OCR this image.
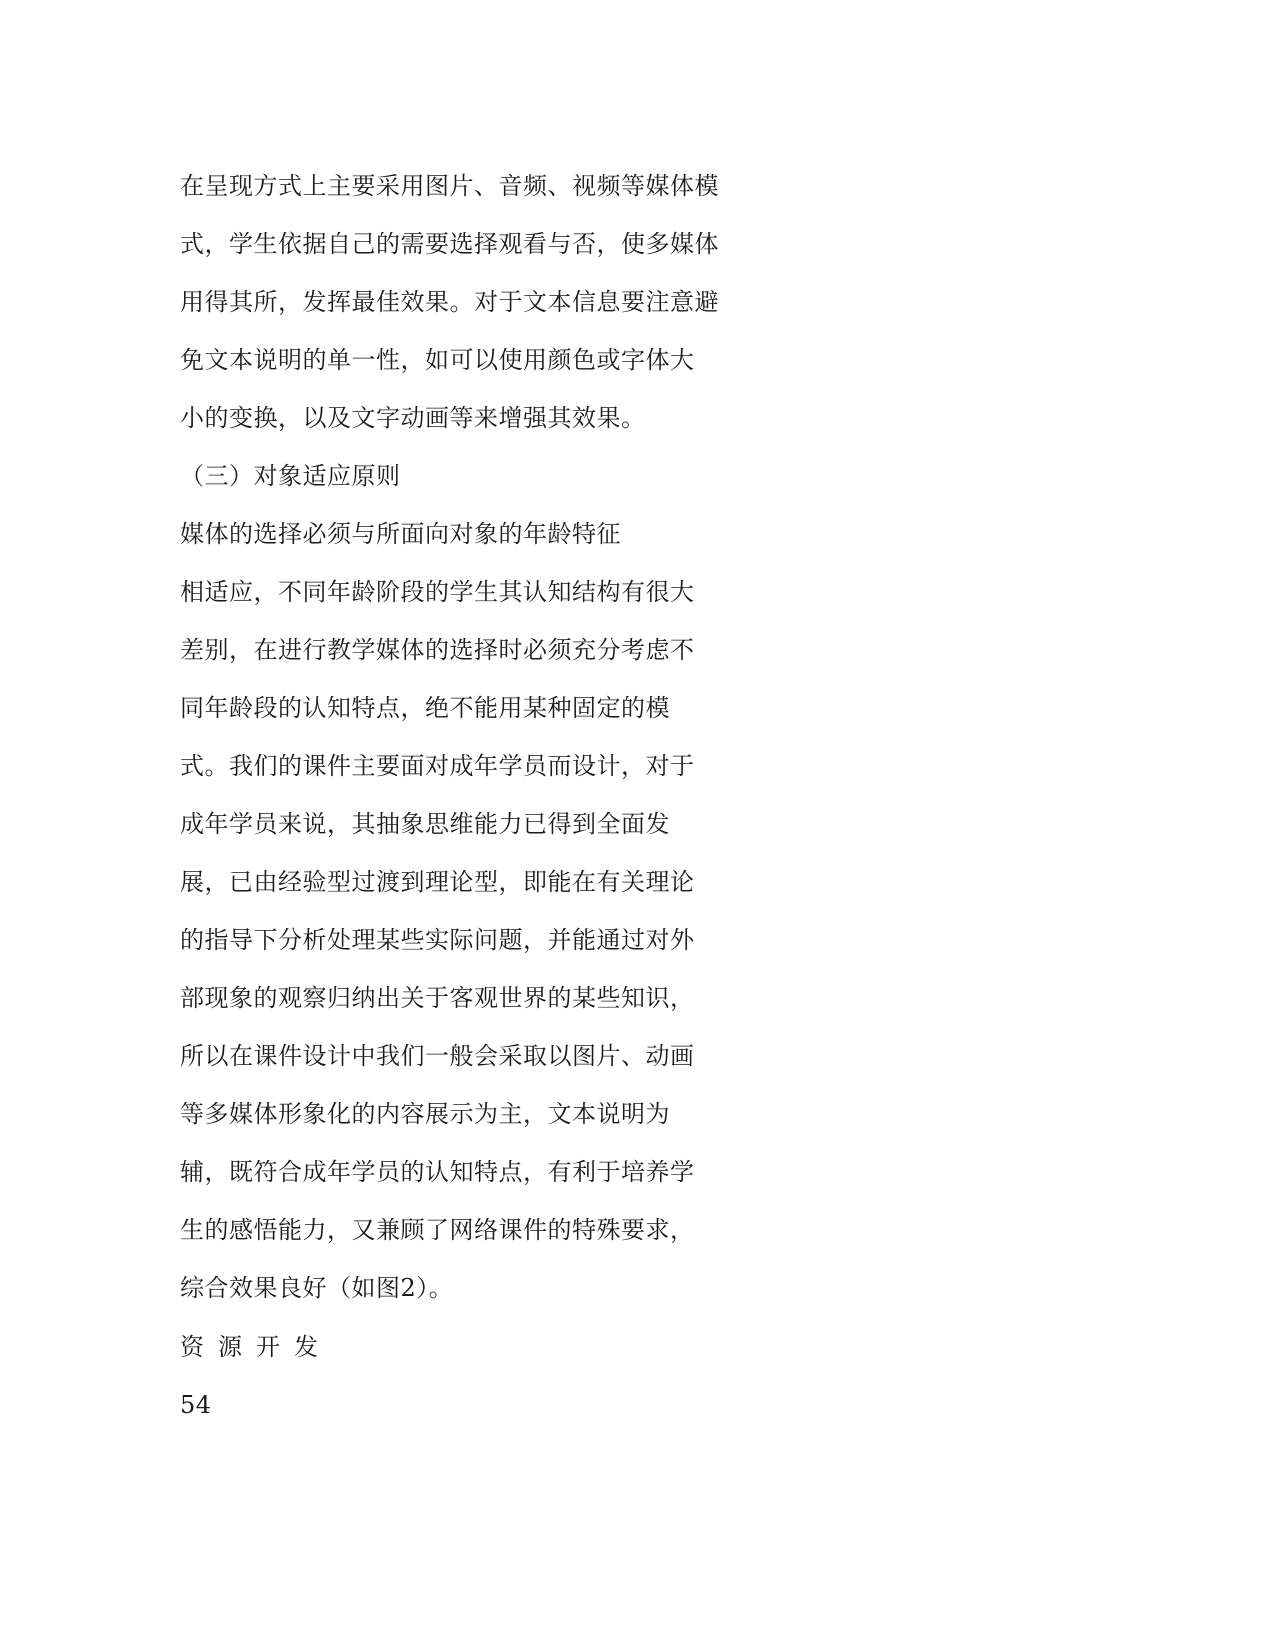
在呈现方式上主要采用图片、音频、视频等媒体模
式，学生依据自己的需要选择观看与否，使多媒体
用得其所，发挥最佳效果。对于文本信息要注意避
免文本说明的单一性，如可以使用颜色或字体大
小的变换，以及文字动画等来增强其效果。
（三）对象适应原则
媒体的选择必须与所面向对象的年龄特征
相适应，不同年龄阶段的学生其认知结构有很大
差别，在进行教学媒体的选择时必须充分考虑不
同年龄段的认知特点，绝不能用某种固定的模
式。我们的课件主要面对成年学员而设计，对于
成年学员来说，其抽象思维能力已得到全面发
展，已由经验型过渡到理论型，即能在有关理论
的指导下分析处理某些实际问题，并能通过对外
部现象的观察归纳出关于客观世界的某些知识，
所以在课件设计中我们一般会采取以图片、动画
等多媒体形象化的内容展示为主，文本说明为
辅，既符合成年学员的认知特点，有利于培养学
生的感悟能力，又兼顾了网络课件的特殊要求，
综合效果良好（如图2）。
资源开发
54
